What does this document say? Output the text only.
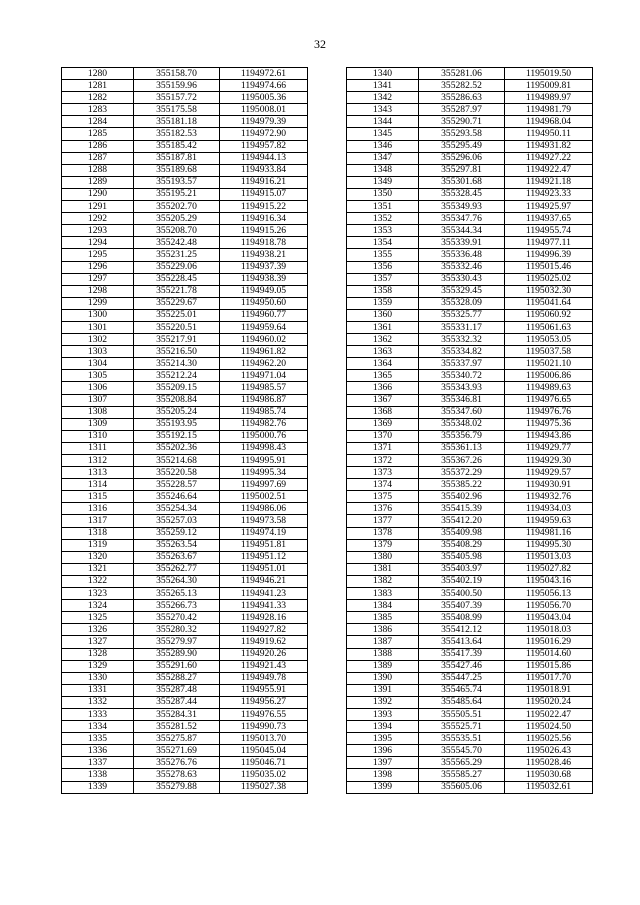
32
1280	355158.70	1194972.61
1281	355159.96	1194974.66
1282	355157.72	1195005.36
1283	355175.58	1195008.01
1284	355181.18	1194979.39
1285	355182.53	1194972.90
1286	355185.42	1194957.82
1287	355187.81	1194944.13
1288	355189.68	1194933.84
1289	355193.57	1194916.21
1290	355195.21	1194915.07
1291	355202.70	1194915.22
1292	355205.29	1194916.34
1293	355208.70	1194915.26
1294	355242.48	1194918.78
1295	355231.25	1194938.21
1296	355229.06	1194937.39
1297	355228.45	1194938.39
1298	355221.78	1194949.05
1299	355229.67	1194950.60
1300	355225.01	1194960.77
1301	355220.51	1194959.64
1302	355217.91	1194960.02
1303	355216.50	1194961.82
1304	355214.30	1194962.20
1305	355212.24	1194971.04
1306	355209.15	1194985.57
1307	355208.84	1194986.87
1308	355205.24	1194985.74
1309	355193.95	1194982.76
1310	355192.15	1195000.76
1311	355202.36	1194998.43
1312	355214.68	1194995.91
1313	355220.58	1194995.34
1314	355228.57	1194997.69
1315	355246.64	1195002.51
1316	355254.34	1194986.06
1317	355257.03	1194973.58
1318	355259.12	1194974.19
1319	355263.54	1194951.81
1320	355263.67	1194951.12
1321	355262.77	1194951.01
1322	355264.30	1194946.21
1323	355265.13	1194941.23
1324	355266.73	1194941.33
1325	355270.42	1194928.16
1326	355280.32	1194927.82
1327	355279.97	1194919.62
1328	355289.90	1194920.26
1329	355291.60	1194921.43
1330	355288.27	1194949.78
1331	355287.48	1194955.91
1332	355287.44	1194956.27
1333	355284.31	1194976.55
1334	355281.52	1194990.73
1335	355275.87	1195013.70
1336	355271.69	1195045.04
1337	355276.76	1195046.71
1338	355278.63	1195035.02
1339	355279.88	1195027.38
1340	355281.06	1195019.50
1341	355282.52	1195009.81
1342	355286.63	1194989.97
1343	355287.97	1194981.79
1344	355290.71	1194968.04
1345	355293.58	1194950.11
1346	355295.49	1194931.82
1347	355296.06	1194927.22
1348	355297.81	1194922.47
1349	355301.68	1194921.18
1350	355328.45	1194923.33
1351	355349.93	1194925.97
1352	355347.76	1194937.65
1353	355344.34	1194955.74
1354	355339.91	1194977.11
1355	355336.48	1194996.39
1356	355332.46	1195015.46
1357	355330.43	1195025.02
1358	355329.45	1195032.30
1359	355328.09	1195041.64
1360	355325.77	1195060.92
1361	355331.17	1195061.63
1362	355332.32	1195053.05
1363	355334.82	1195037.58
1364	355337.97	1195021.10
1365	355340.72	1195006.86
1366	355343.93	1194989.63
1367	355346.81	1194976.65
1368	355347.60	1194976.76
1369	355348.02	1194975.36
1370	355356.79	1194943.86
1371	355361.13	1194929.77
1372	355367.26	1194929.30
1373	355372.29	1194929.57
1374	355385.22	1194930.91
1375	355402.96	1194932.76
1376	355415.39	1194934.03
1377	355412.20	1194959.63
1378	355409.98	1194981.16
1379	355408.29	1194995.30
1380	355405.98	1195013.03
1381	355403.97	1195027.82
1382	355402.19	1195043.16
1383	355400.50	1195056.13
1384	355407.39	1195056.70
1385	355408.99	1195043.04
1386	355412.12	1195018.03
1387	355413.64	1195016.29
1388	355417.39	1195014.60
1389	355427.46	1195015.86
1390	355447.25	1195017.70
1391	355465.74	1195018.91
1392	355485.64	1195020.24
1393	355505.51	1195022.47
1394	355525.71	1195024.50
1395	355535.51	1195025.56
1396	355545.70	1195026.43
1397	355565.29	1195028.46
1398	355585.27	1195030.68
1399	355605.06	1195032.61
